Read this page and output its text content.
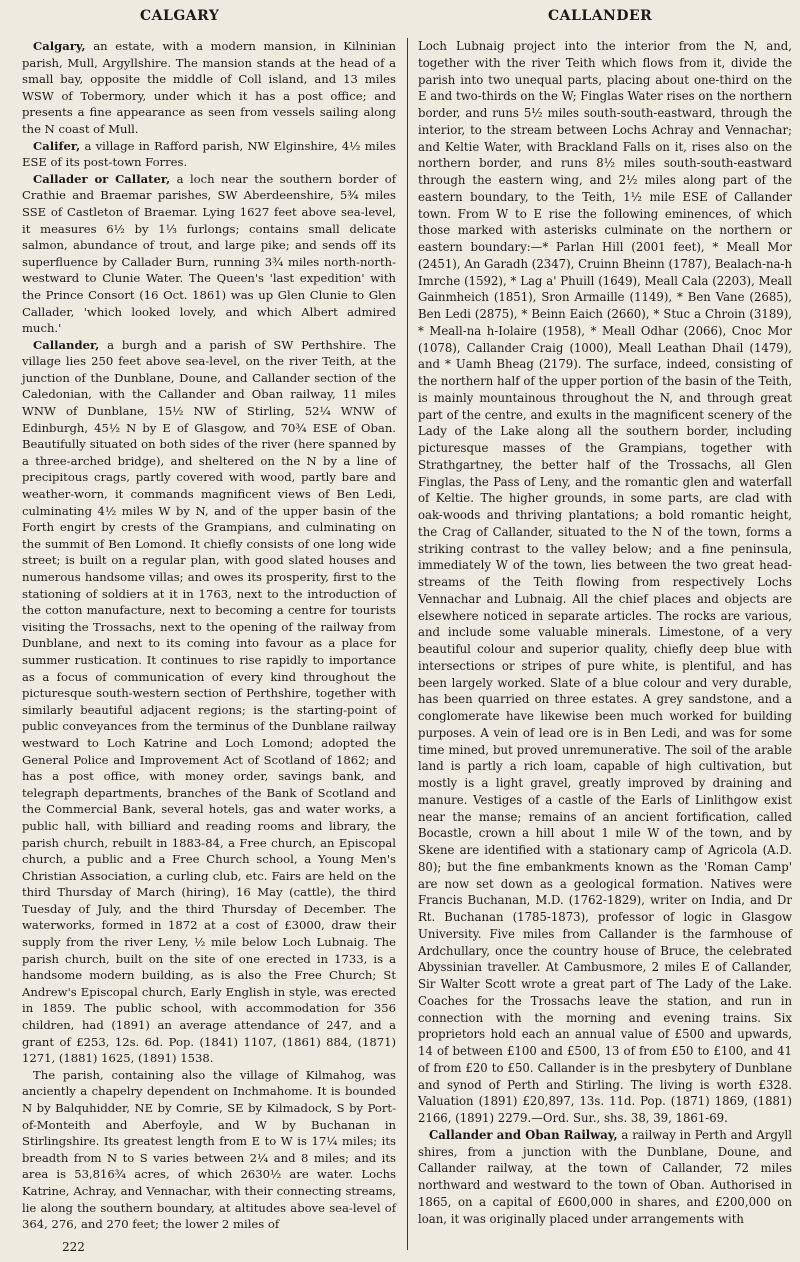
CALGARY	CALLANDER

Calgary, an estate, with a modern mansion, in Kilninian parish, Mull, Argyllshire. The mansion stands at the head of a small bay, opposite the middle of Coll island, and 13 miles WSW of Tobermory, under which it has a post office; and presents a fine appearance as seen from vessels sailing along the N coast of Mull.

Califer, a village in Rafford parish, NW Elginshire, 4½ miles ESE of its post-town Forres.

Callader or Callater, a loch near the southern border of Crathie and Braemar parishes, SW Aberdeenshire, 5¾ miles SSE of Castleton of Braemar. Lying 1627 feet above sea-level, it measures 6½ by 1⅓ furlongs; contains small delicate salmon, abundance of trout, and large pike; and sends off its superfluence by Callader Burn, running 3¾ miles north-north-westward to Clunie Water. The Queen's 'last expedition' with the Prince Consort (16 Oct. 1861) was up Glen Clunie to Glen Callader, 'which looked lovely, and which Albert admired much.'

Callander, a burgh and a parish of SW Perthshire. The village lies 250 feet above sea-level, on the river Teith, at the junction of the Dunblane, Doune, and Callander section of the Caledonian, with the Callander and Oban railway, 11 miles WNW of Dunblane, 15½ NW of Stirling, 52¼ WNW of Edinburgh, 45½ N by E of Glasgow, and 70¾ ESE of Oban. Beautifully situated on both sides of the river (here spanned by a three-arched bridge), and sheltered on the N by a line of precipitous crags, partly covered with wood, partly bare and weather-worn, it commands magnificent views of Ben Ledi, culminating 4½ miles W by N, and of the upper basin of the Forth engirt by crests of the Grampians, and culminating on the summit of Ben Lomond. It chiefly consists of one long wide street; is built on a regular plan, with good slated houses and numerous handsome villas; and owes its prosperity, first to the stationing of soldiers at it in 1763, next to the introduction of the cotton manufacture, next to becoming a centre for tourists visiting the Trossachs, next to the opening of the railway from Dunblane, and next to its coming into favour as a place for summer rustication. It continues to rise rapidly to importance as a focus of communication of every kind throughout the picturesque south-western section of Perthshire, together with similarly beautiful adjacent regions; is the starting-point of public conveyances from the terminus of the Dunblane railway westward to Loch Katrine and Loch Lomond; adopted the General Police and Improvement Act of Scotland of 1862; and has a post office, with money order, savings bank, and telegraph departments, branches of the Bank of Scotland and the Commercial Bank, several hotels, gas and water works, a public hall, with billiard and reading rooms and library, the parish church, rebuilt in 1883-84, a Free church, an Episcopal church, a public and a Free Church school, a Young Men's Christian Association, a curling club, etc. Fairs are held on the third Thursday of March (hiring), 16 May (cattle), the third Tuesday of July, and the third Thursday of December. The waterworks, formed in 1872 at a cost of £3000, draw their supply from the river Leny, ½ mile below Loch Lubnaig. The parish church, built on the site of one erected in 1733, is a handsome modern building, as is also the Free Church; St Andrew's Episcopal church, Early English in style, was erected in 1859. The public school, with accommodation for 356 children, had (1891) an average attendance of 247, and a grant of £253, 12s. 6d. Pop. (1841) 1107, (1861) 884, (1871) 1271, (1881) 1625, (1891) 1538.

The parish, containing also the village of Kilmahog, was anciently a chapelry dependent on Inchmahome. It is bounded N by Balquhidder, NE by Comrie, SE by Kilmadock, S by Port-of-Monteith and Aberfoyle, and W by Buchanan in Stirlingshire. Its greatest length from E to W is 17¼ miles; its breadth from N to S varies between 2¼ and 8 miles; and its area is 53,816¾ acres, of which 2630½ are water. Lochs Katrine, Achray, and Vennachar, with their connecting streams, lie along the southern boundary, at altitudes above sea-level of 364, 276, and 270 feet; the lower 2 miles of

Loch Lubnaig project into the interior from the N, and, together with the river Teith which flows from it, divide the parish into two unequal parts, placing about one-third on the E and two-thirds on the W; Finglas Water rises on the northern border, and runs 5½ miles south-south-eastward, through the interior, to the stream between Lochs Achray and Vennachar; and Keltie Water, with Brackland Falls on it, rises also on the northern border, and runs 8½ miles south-south-eastward through the eastern wing, and 2½ miles along part of the eastern boundary, to the Teith, 1½ mile ESE of Callander town. From W to E rise the following eminences, of which those marked with asterisks culminate on the northern or eastern boundary:—* Parlan Hill (2001 feet), * Meall Mor (2451), An Garadh (2347), Cruinn Bheinn (1787), Bealach-na-h Imrche (1592), * Lag a' Phuill (1649), Meall Cala (2203), Meall Gainmheich (1851), Sron Armaille (1149), * Ben Vane (2685), Ben Ledi (2875), * Beinn Eaich (2660), * Stuc a Chroin (3189), * Meall-na h-Iolaire (1958), * Meall Odhar (2066), Cnoc Mor (1078), Callander Craig (1000), Meall Leathan Dhail (1479), and * Uamh Bheag (2179). The surface, indeed, consisting of the northern half of the upper portion of the basin of the Teith, is mainly mountainous throughout the N, and through great part of the centre, and exults in the magnificent scenery of the Lady of the Lake along all the southern border, including picturesque masses of the Grampians, together with Strathgartney, the better half of the Trossachs, all Glen Finglas, the Pass of Leny, and the romantic glen and waterfall of Keltie. The higher grounds, in some parts, are clad with oak-woods and thriving plantations; a bold romantic height, the Crag of Callander, situated to the N of the town, forms a striking contrast to the valley below; and a fine peninsula, immediately W of the town, lies between the two great head-streams of the Teith flowing from respectively Lochs Vennachar and Lubnaig. All the chief places and objects are elsewhere noticed in separate articles. The rocks are various, and include some valuable minerals. Limestone, of a very beautiful colour and superior quality, chiefly deep blue with intersections or stripes of pure white, is plentiful, and has been largely worked. Slate of a blue colour and very durable, has been quarried on three estates. A grey sandstone, and a conglomerate have likewise been much worked for building purposes. A vein of lead ore is in Ben Ledi, and was for some time mined, but proved unremunerative. The soil of the arable land is partly a rich loam, capable of high cultivation, but mostly is a light gravel, greatly improved by draining and manure. Vestiges of a castle of the Earls of Linlithgow exist near the manse; remains of an ancient fortification, called Bocastle, crown a hill about 1 mile W of the town, and by Skene are identified with a stationary camp of Agricola (A.D. 80); but the fine embankments known as the 'Roman Camp' are now set down as a geological formation. Natives were Francis Buchanan, M.D. (1762-1829), writer on India, and Dr Rt. Buchanan (1785-1873), professor of logic in Glasgow University. Five miles from Callander is the farmhouse of Ardchullary, once the country house of Bruce, the celebrated Abyssinian traveller. At Cambusmore, 2 miles E of Callander, Sir Walter Scott wrote a great part of The Lady of the Lake. Coaches for the Trossachs leave the station, and run in connection with the morning and evening trains. Six proprietors hold each an annual value of £500 and upwards, 14 of between £100 and £500, 13 of from £50 to £100, and 41 of from £20 to £50. Callander is in the presbytery of Dunblane and synod of Perth and Stirling. The living is worth £328. Valuation (1891) £20,897, 13s. 11d. Pop. (1871) 1869, (1881) 2166, (1891) 2279.—Ord. Sur., shs. 38, 39, 1861-69.

Callander and Oban Railway, a railway in Perth and Argyll shires, from a junction with the Dunblane, Doune, and Callander railway, at the town of Callander, 72 miles northward and westward to the town of Oban. Authorised in 1865, on a capital of £600,000 in shares, and £200,000 on loan, it was originally placed under arrangements with

222
